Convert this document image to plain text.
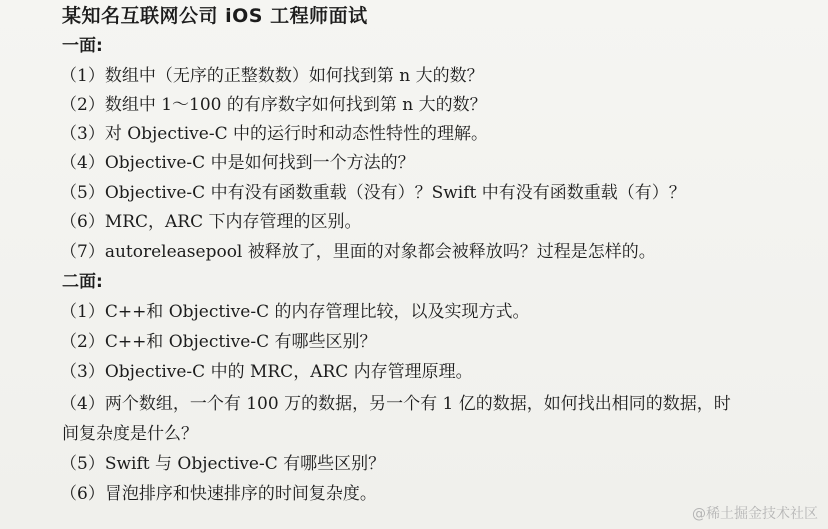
某知名互联网公司 iOS 工程师面试
一面:
（1）数组中（无序的正整数数）如何找到第 n 大的数？
（2）数组中 1～100 的有序数字如何找到第 n 大的数？
（3）对 Objective-C 中的运行时和动态性特性的理解。
（4）Objective-C 中是如何找到一个方法的？
（5）Objective-C 中有没有函数重载（没有）？Swift 中有没有函数重载（有）？
（6）MRC，ARC 下内存管理的区别。
（7）autoreleasepool 被释放了，里面的对象都会被释放吗？过程是怎样的。
二面:
（1）C++和 Objective-C 的内存管理比较，以及实现方式。
（2）C++和 Objective-C 有哪些区别？
（3）Objective-C 中的 MRC，ARC 内存管理原理。
（4）两个数组，一个有 100 万的数据，另一个有 1 亿的数据，如何找出相同的数据，时
间复杂度是什么？
（5）Swift 与 Objective-C 有哪些区别？
（6）冒泡排序和快速排序的时间复杂度。
@稀土掘金技术社区
